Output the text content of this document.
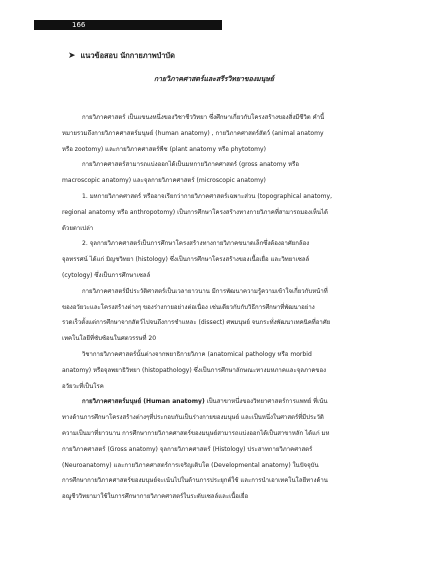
166
➤ แนวข้อสอบ นักกายภาพบำบัด
กายวิภาคศาสตร์และสรีรวิทยาของมนุษย์

กายวิภาคศาสตร์ เป็นแขนงหนึ่งของวิชาชีววิทยา ซึ่งศึกษาเกี่ยวกับโครงสร้างของสิ่งมีชีวิต คำนี้
หมายรวมถึงกายวิภาคศาสตร์มนุษย์ (human anatomy) , กายวิภาคศาสตร์สัตว์ (animal anatomy
หรือ zootomy) และกายวิภาคศาสตร์พืช (plant anatomy หรือ phytotomy)

กายวิภาคศาสตร์สามารถแบ่งออกได้เป็นมหกายวิภาคศาสตร์ (gross anatomy หรือ
macroscopic anatomy) และจุลกายวิภาคศาสตร์ (microscopic anatomy)

1. มหกายวิภาคศาสตร์ หรืออาจเรียกว่ากายวิภาคศาสตร์เฉพาะส่วน (topographical anatomy,
regional anatomy หรือ anthropotomy) เป็นการศึกษาโครงสร้างทางกายวิภาคที่สามารถมองเห็นได้
ด้วยตาเปล่า

2. จุลกายวิภาคศาสตร์เป็นการศึกษาโครงสร้างทางกายวิภาคขนาดเล็กซึ่งต้องอาศัยกล้อง
จุลทรรศน์ ได้แก่ มิญชวิทยา (histology) ซึ่งเป็นการศึกษาโครงสร้างของเนื้อเยื่อ และวิทยาเซลล์
(cytology) ซึ่งเป็นการศึกษาเซลล์

กายวิภาคศาสตร์มีประวัติศาสตร์เป็นเวลายาวนาน มีการพัฒนาความรู้ความเข้าใจเกี่ยวกับหน้าที่
ของอวัยวะและโครงสร้างต่างๆ ของร่างกายอย่างต่อเนื่อง เช่นเดียวกับกับวิธีการศึกษาที่พัฒนาอย่าง
รวดเร็วตั้งแต่การศึกษาจากสัตว์ไปจนถึงการชำแหละ (dissect) ศพมนุษย์ จนกระทั่งพัฒนาเทคนิคที่อาศัย
เทคโนโลยีที่ซับซ้อนในศตวรรษที่ 20

วิชากายวิภาคศาสตร์นั้นต่างจากพยาธิกายวิภาค (anatomical pathology หรือ morbid
anatomy) หรือจุลพยาธิวิทยา (histopathology) ซึ่งเป็นการศึกษาลักษณะทางมหภาคและจุลภาคของ
อวัยวะที่เป็นโรค

กายวิภาคศาสตร์มนุษย์ (Human anatomy) เป็นสาขาหนึ่งของวิทยาศาสตร์การแพทย์ ที่เน้น
ทางด้านการศึกษาโครงสร้างต่างๆที่ประกอบกันเป็นร่างกายของมนุษย์ และเป็นหนึ่งในศาสตร์ที่มีประวัติ
ความเป็นมาที่ยาวนาน การศึกษากายวิภาคศาสตร์ของมนุษย์สามารถแบ่งออกได้เป็นสาขาหลัก ได้แก่ มห
กายวิภาคศาสตร์ (Gross anatomy) จุลกายวิภาคศาสตร์ (Histology) ประสาทกายวิภาคศาสตร์
(Neuroanatomy) และกายวิภาคศาสตร์การเจริญเติบโต (Developmental anatomy) ในปัจจุบัน
การศึกษากายวิภาคศาสตร์ของมนุษย์จะเน้นไปในด้านการประยุกต์ใช้ และการนำเอาเทคโนโลยีทางด้าน
อณูชีววิทยามาใช้ในการศึกษากายวิภาคศาสตร์ในระดับเซลล์และเนื้อเยื่อ
